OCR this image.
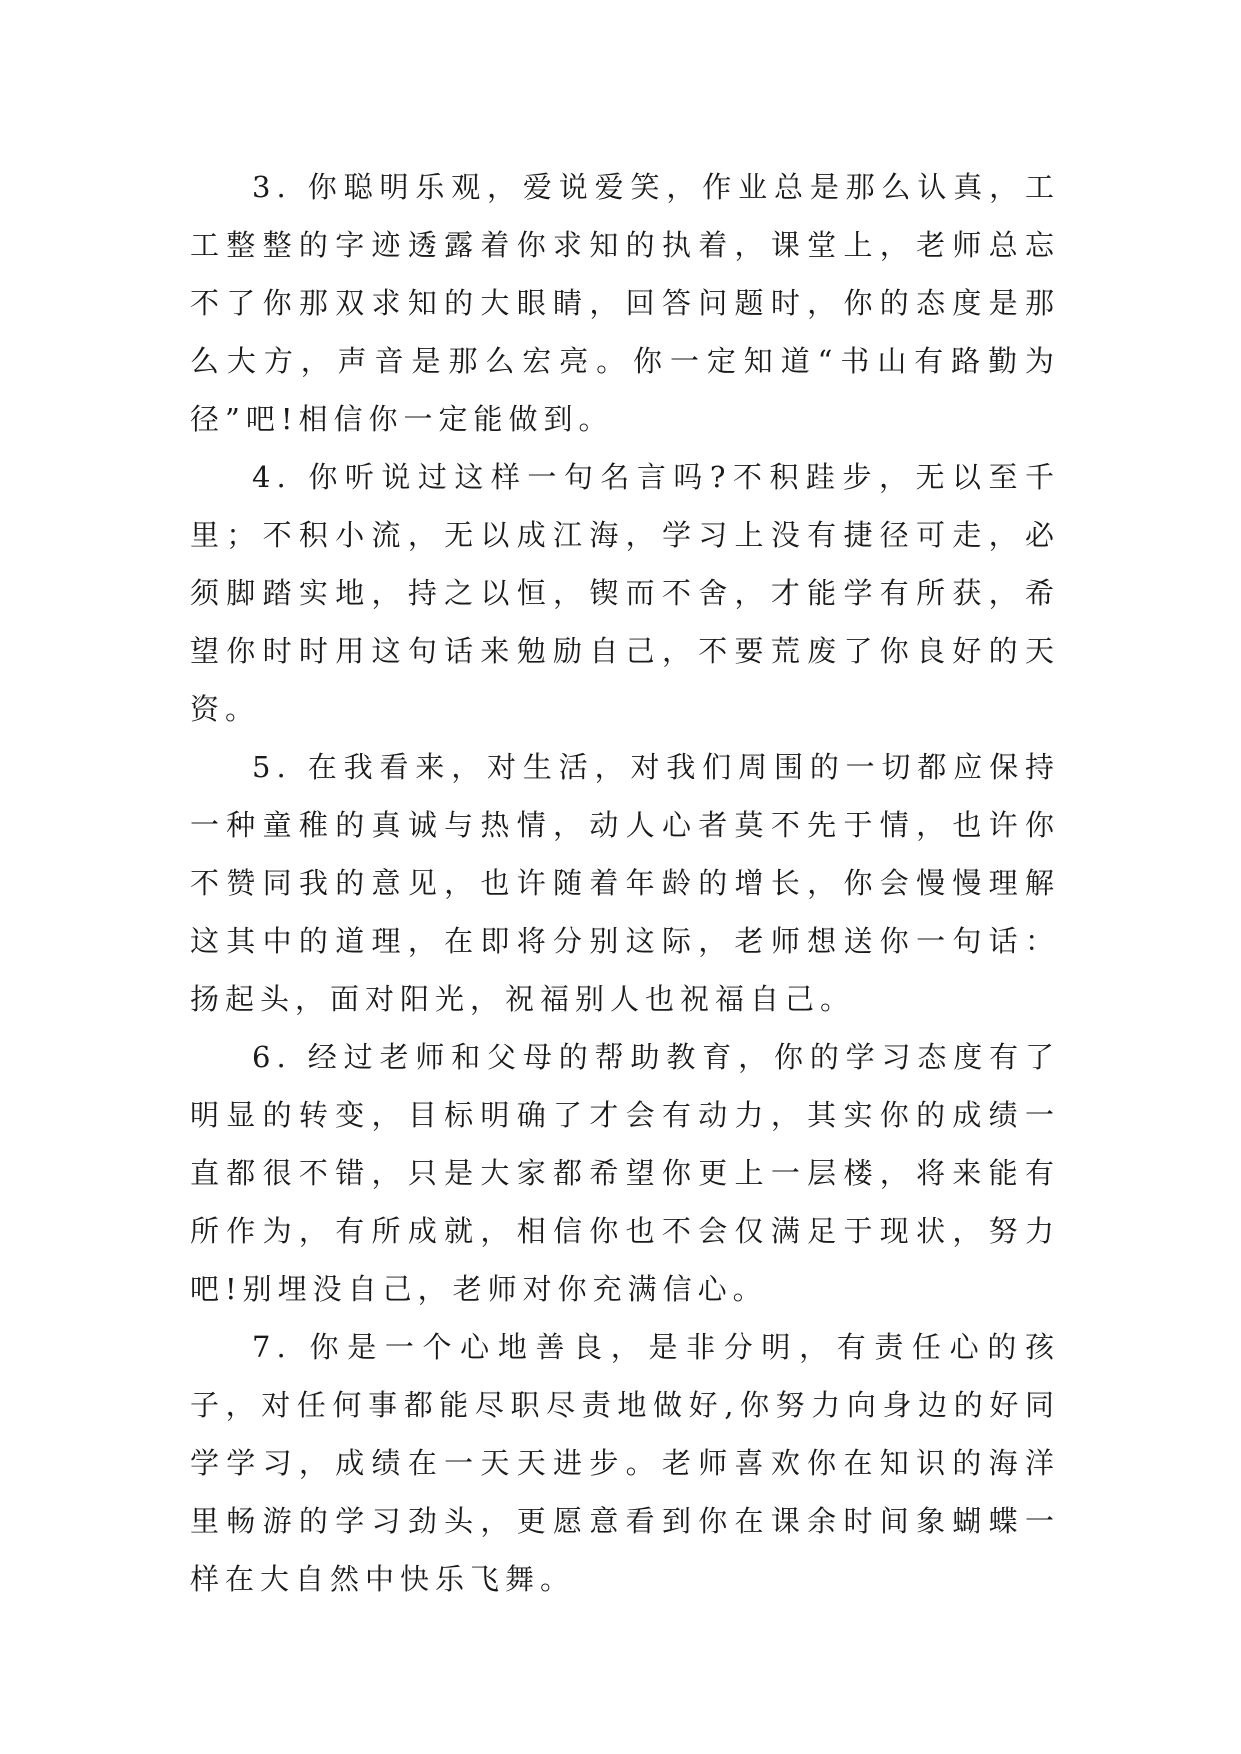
3. 你聪明乐观，爱说爱笑，作业总是那么认真，工工整整的字迹透露着你求知的执着，课堂上，老师总忘不了你那双求知的大眼睛，回答问题时，你的态度是那么大方，声音是那么宏亮。你一定知道“书山有路勤为径”吧!相信你一定能做到。

4. 你听说过这样一句名言吗?不积跬步，无以至千里；不积小流，无以成江海，学习上没有捷径可走，必须脚踏实地，持之以恒，锲而不舍，才能学有所获，希望你时时用这句话来勉励自己，不要荒废了你良好的天资。

5. 在我看来，对生活，对我们周围的一切都应保持一种童稚的真诚与热情，动人心者莫不先于情，也许你不赞同我的意见，也许随着年龄的增长，你会慢慢理解这其中的道理，在即将分别这际，老师想送你一句话：扬起头，面对阳光，祝福别人也祝福自己。

6. 经过老师和父母的帮助教育，你的学习态度有了明显的转变，目标明确了才会有动力，其实你的成绩一直都很不错，只是大家都希望你更上一层楼，将来能有所作为，有所成就，相信你也不会仅满足于现状，努力吧!别埋没自己，老师对你充满信心。

7. 你是一个心地善良，是非分明，有责任心的孩子，对任何事都能尽职尽责地做好,你努力向身边的好同学学习，成绩在一天天进步。老师喜欢你在知识的海洋里畅游的学习劲头，更愿意看到你在课余时间象蝴蝶一样在大自然中快乐飞舞。
